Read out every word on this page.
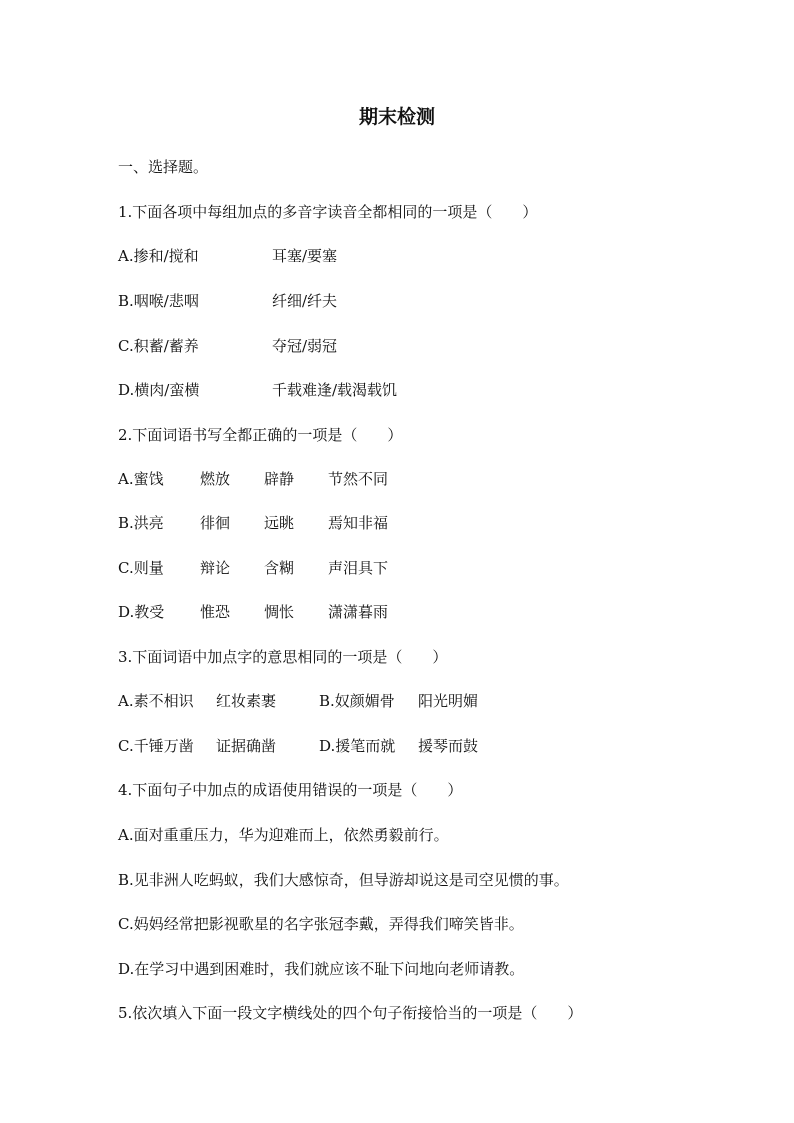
期末检测
一、选择题。
1.下面各项中每组加点的多音字读音全都相同的一项是（　　）
A.掺和/搅和	耳塞/要塞
B.咽喉/悲咽	纤细/纤夫
C.积蓄/蓄养	夺冠/弱冠
D.横肉/蛮横	千载难逢/载渴载饥
2.下面词语书写全都正确的一项是（　　）
A.蜜饯 燃放 辟静 节然不同
B.洪亮 徘徊 远眺 焉知非福
C.则量 辩论 含糊 声泪具下
D.教受 惟恐 惆怅 潇潇暮雨
3.下面词语中加点字的意思相同的一项是（　　）
A.素不相识 红妆素裹	B.奴颜媚骨 阳光明媚
C.千锤万凿 证据确凿	D.援笔而就 援琴而鼓
4.下面句子中加点的成语使用错误的一项是（　　）
A.面对重重压力，华为迎难而上，依然勇毅前行。
B.见非洲人吃蚂蚁，我们大感惊奇，但导游却说这是司空见惯的事。
C.妈妈经常把影视歌星的名字张冠李戴，弄得我们啼笑皆非。
D.在学习中遇到困难时，我们就应该不耻下问地向老师请教。
5.依次填入下面一段文字横线处的四个句子衔接恰当的一项是（　　）
